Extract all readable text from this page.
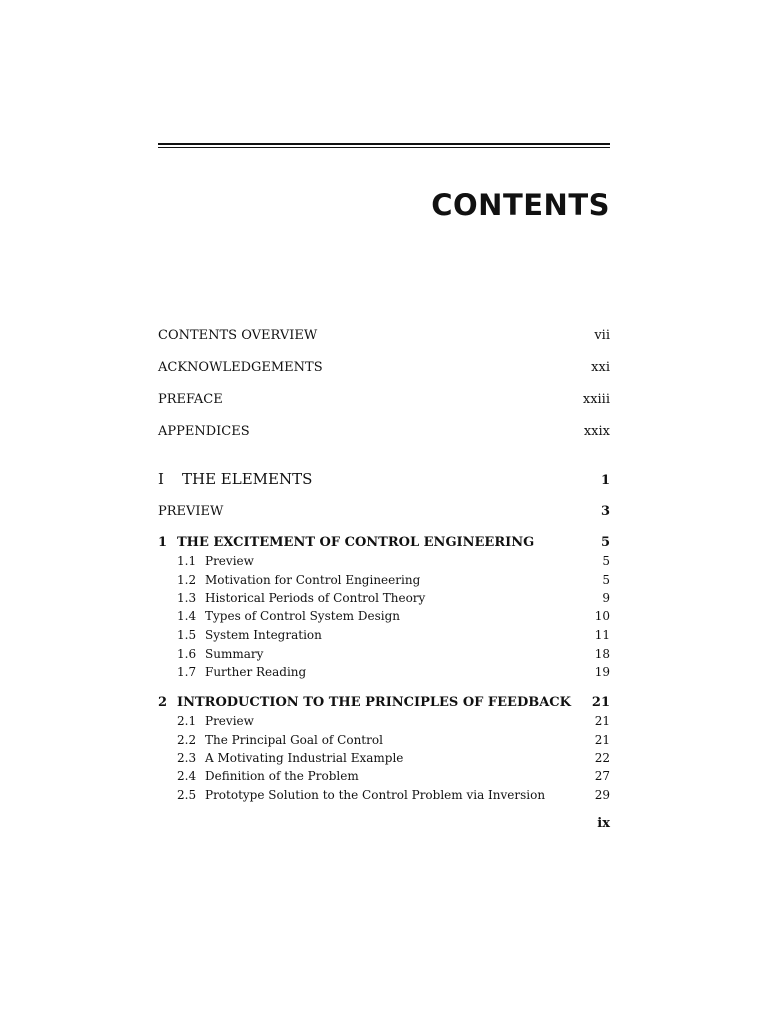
CONTENTS
CONTENTS OVERVIEW	vii
ACKNOWLEDGEMENTS	xxi
PREFACE	xxiii
APPENDICES	xxix
I THE ELEMENTS	1
PREVIEW	3
1 THE EXCITEMENT OF CONTROL ENGINEERING	5
1.1 Preview	5
1.2 Motivation for Control Engineering	5
1.3 Historical Periods of Control Theory	9
1.4 Types of Control System Design	10
1.5 System Integration	11
1.6 Summary	18
1.7 Further Reading	19
2 INTRODUCTION TO THE PRINCIPLES OF FEEDBACK	21
2.1 Preview	21
2.2 The Principal Goal of Control	21
2.3 A Motivating Industrial Example	22
2.4 Definition of the Problem	27
2.5 Prototype Solution to the Control Problem via Inversion	29
ix
